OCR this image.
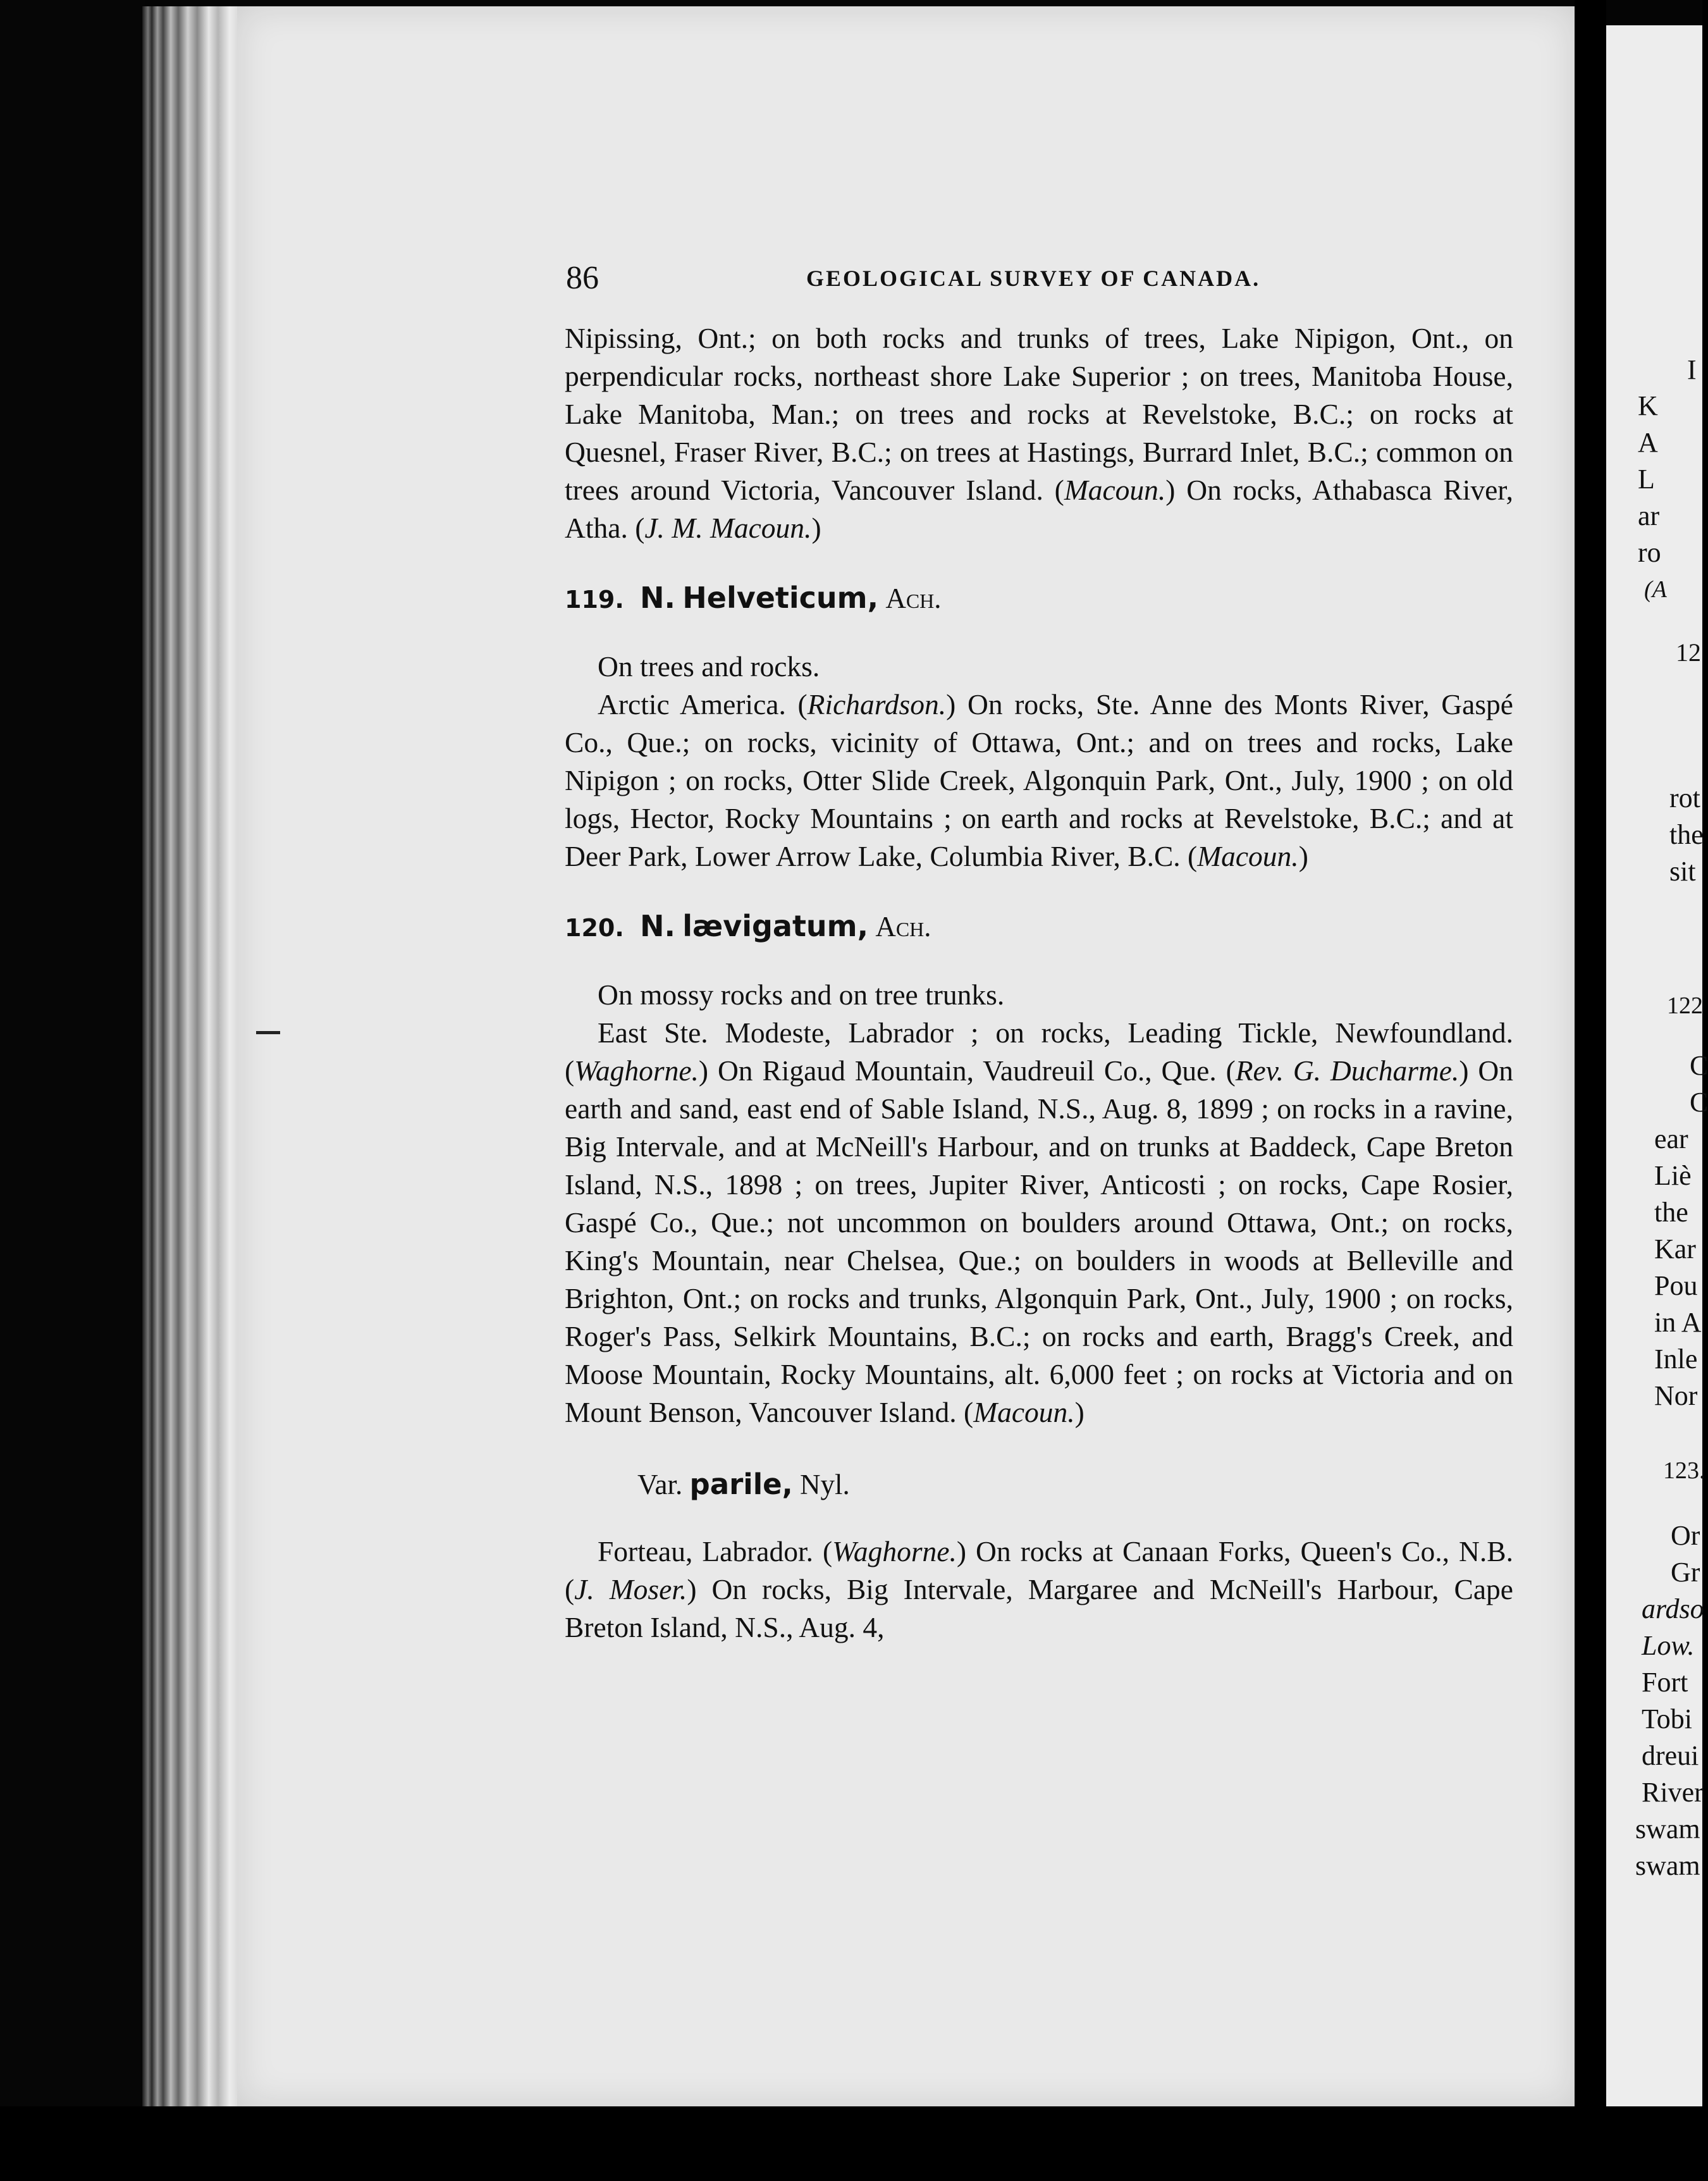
86	GEOLOGICAL SURVEY OF CANADA.

Nipissing, Ont.; on both rocks and trunks of trees, Lake Nipigon, Ont., on perpendicular rocks, northeast shore Lake Superior ; on trees, Manitoba House, Lake Manitoba, Man.; on trees and rocks at Revelstoke, B.C.; on rocks at Quesnel, Fraser River, B.C.; on trees at Hastings, Burrard Inlet, B.C.; common on trees around Victoria, Vancouver Island. (Macoun.) On rocks, Athabasca River, Atha. (J. M. Macoun.)

119. N. Helveticum, Ach.

On trees and rocks.

Arctic America. (Richardson.) On rocks, Ste. Anne des Monts River, Gaspé Co., Que.; on rocks, vicinity of Ottawa, Ont.; and on trees and rocks, Lake Nipigon ; on rocks, Otter Slide Creek, Algonquin Park, Ont., July, 1900 ; on old logs, Hector, Rocky Mountains ; on earth and rocks at Revelstoke, B.C.; and at Deer Park, Lower Arrow Lake, Columbia River, B.C. (Macoun.)

120. N. lævigatum, Ach.

On mossy rocks and on tree trunks.

East Ste. Modeste, Labrador ; on rocks, Leading Tickle, Newfoundland. (Waghorne.) On Rigaud Mountain, Vaudreuil Co., Que. (Rev. G. Ducharme.) On earth and sand, east end of Sable Island, N.S., Aug. 8, 1899 ; on rocks in a ravine, Big Intervale, and at McNeill's Harbour, and on trunks at Baddeck, Cape Breton Island, N.S., 1898 ; on trees, Jupiter River, Anticosti ; on rocks, Cape Rosier, Gaspé Co., Que.; not uncommon on boulders around Ottawa, Ont.; on rocks, King's Mountain, near Chelsea, Que.; on boulders in woods at Belleville and Brighton, Ont.; on rocks and trunks, Algonquin Park, Ont., July, 1900 ; on rocks, Roger's Pass, Selkirk Mountains, B.C.; on rocks and earth, Bragg's Creek, and Moose Mountain, Rocky Mountains, alt. 6,000 feet ; on rocks at Victoria and on Mount Benson, Vancouver Island. (Macoun.)

Var. parile, Nyl.

Forteau, Labrador. (Waghorne.) On rocks at Canaan Forks, Queen's Co., N.B. (J. Moser.) On rocks, Big Intervale, Margaree and McNeill's Harbour, Cape Breton Island, N.S., Aug. 4,

I
K
A
L
ar
ro
(A
12
rot
the
sit
122
C
C
ear
Liè
the
Kar
Pou
in A
Inle
Nor
123.
Or
Gr
ardso
Low.
Fort
Tobi
dreui
River
swam
swam
